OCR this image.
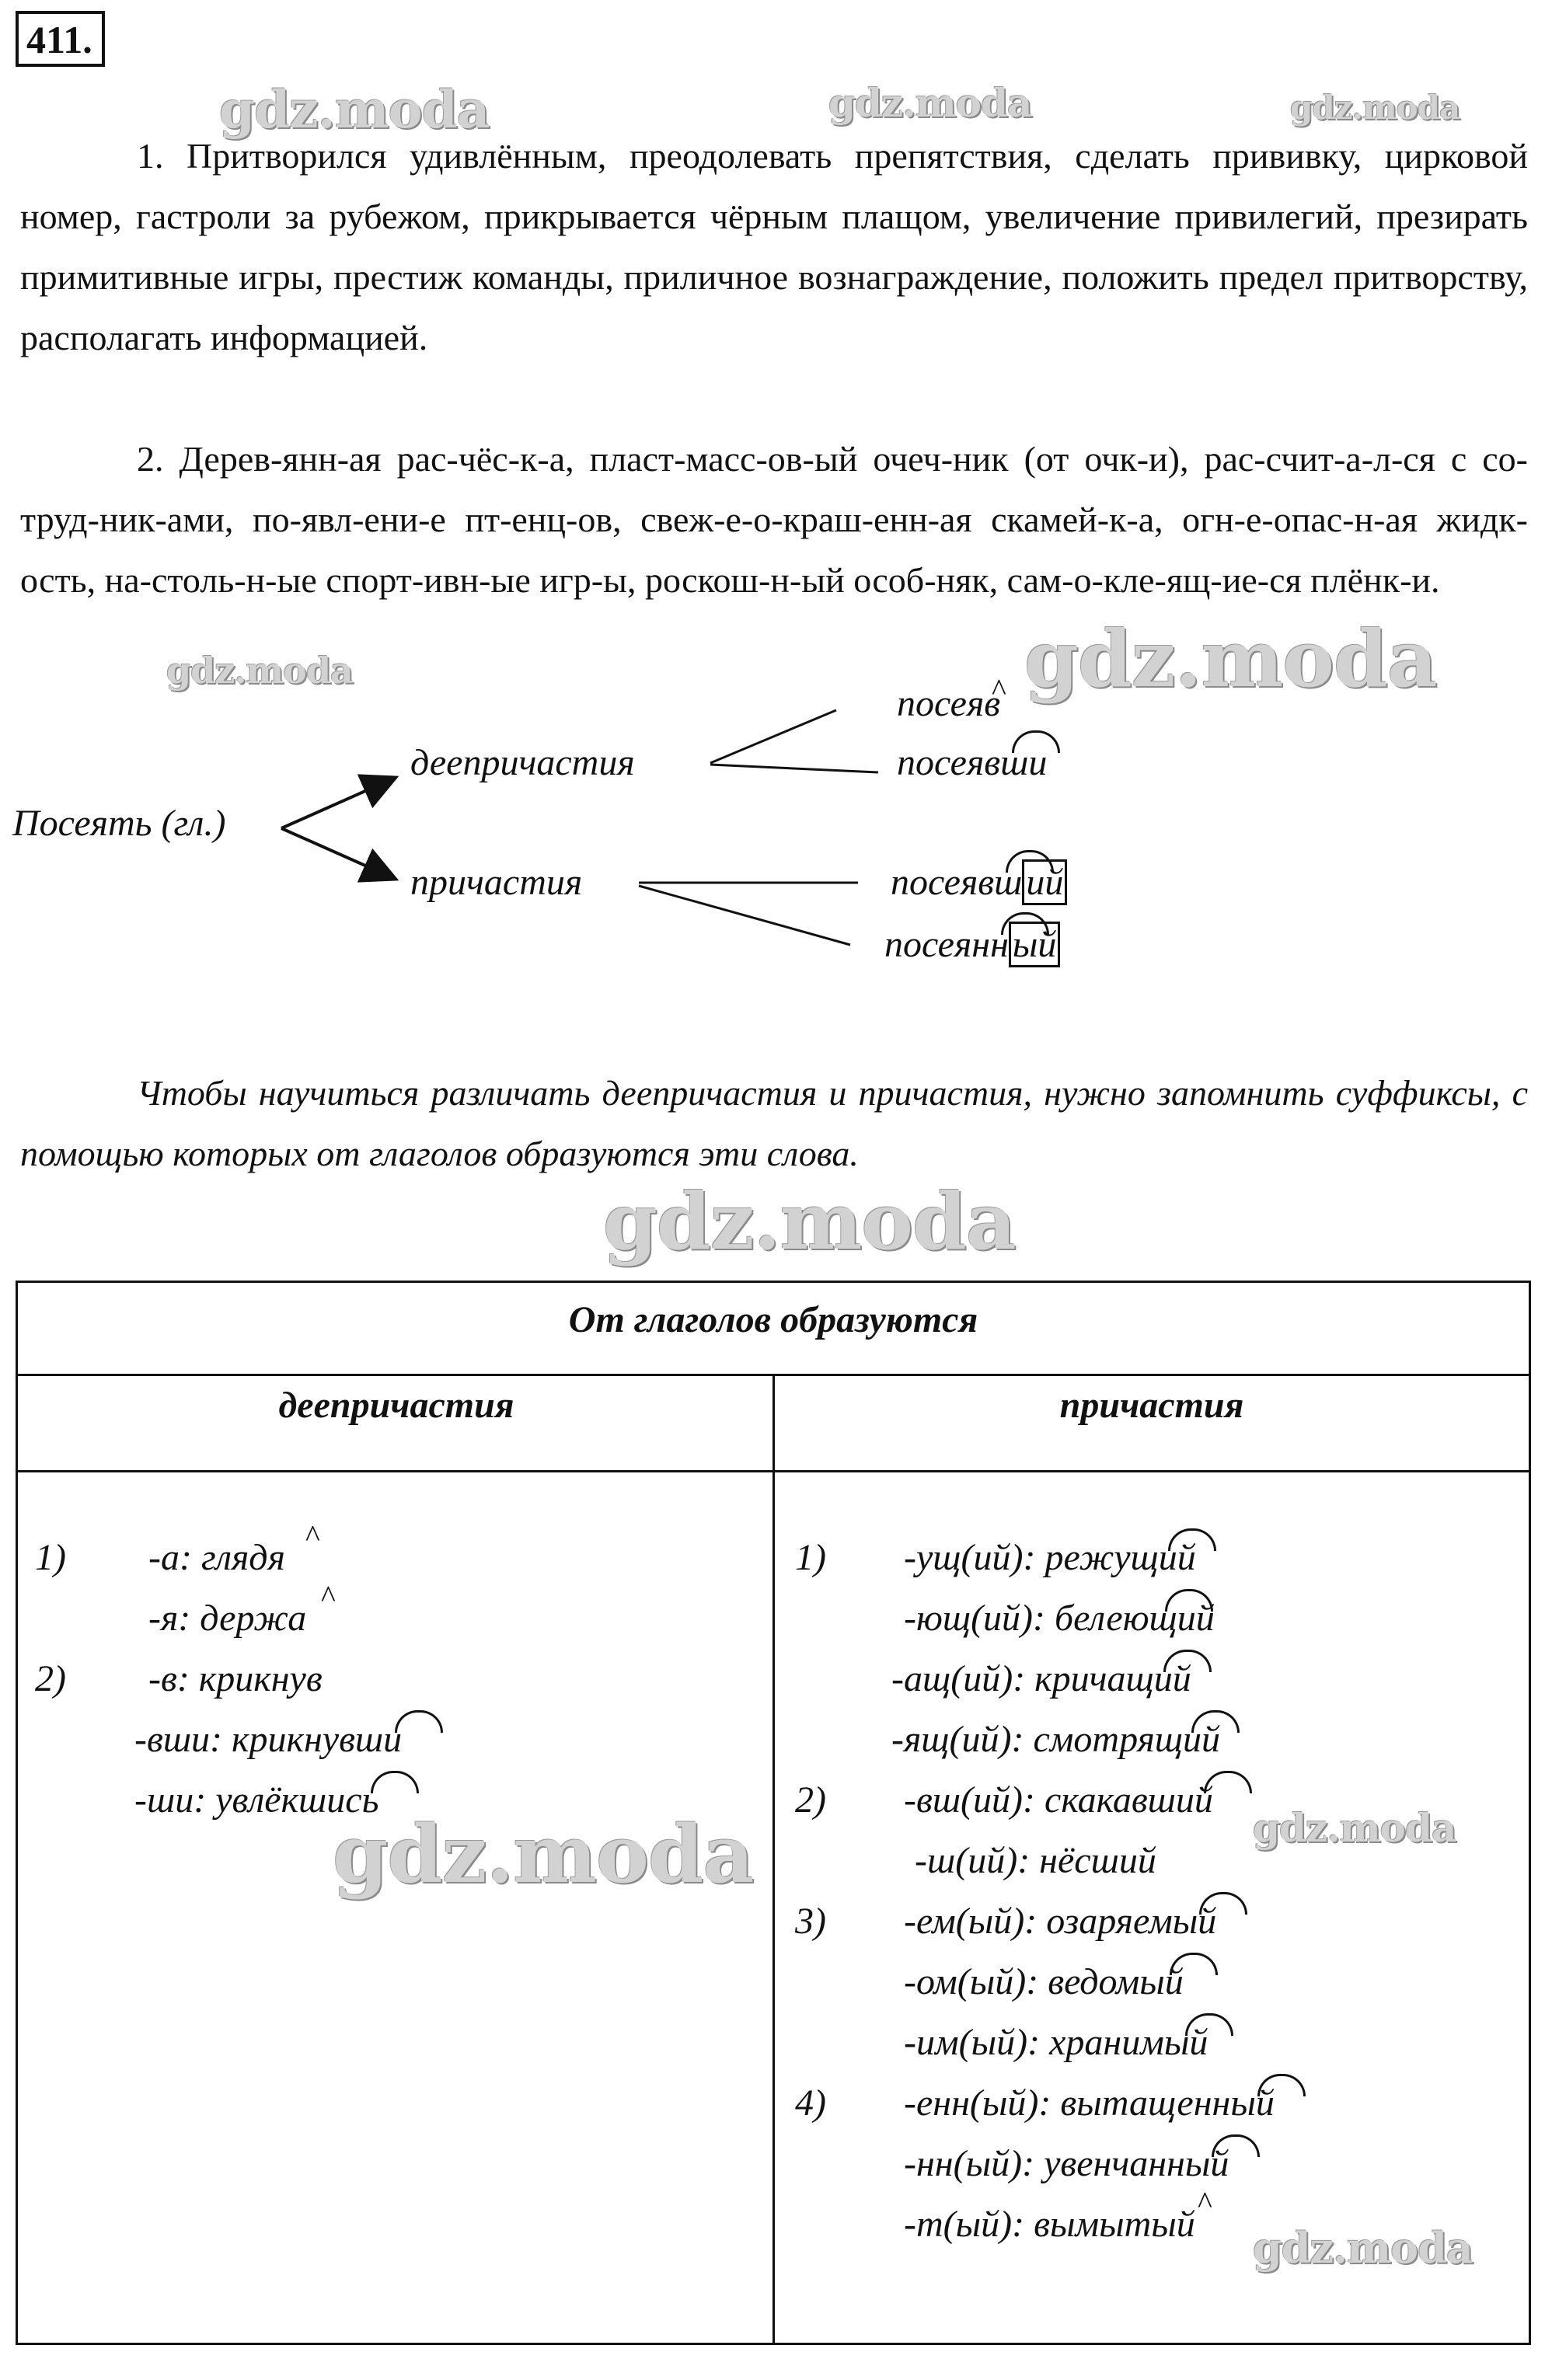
411.
gdz.moda	gdz.moda	gdz.moda
gdz.moda	gdz.moda
gdz.moda
gdz.moda	gdz.moda
gdz.moda

1. Притворился удивлённым, преодолевать препятствия, сделать прививку, цирковой номер, гастроли за рубежом, прикрывается чёрным плащом, увеличение привилегий, презирать примитивные игры, престиж команды, приличное вознаграждение, положить предел притворству, располагать информацией.

2. Дерев-янн-ая рас-чёс-к-а, пласт-масс-ов-ый очеч-ник (от очк-и), рас-счит-а-л-ся с со-труд-ник-ами, по-явл-ени-е пт-енц-ов, свеж-е-о-краш-енн-ая скамей-к-а, огн-е-опас-н-ая жидк-ость, на-столь-н-ые спорт-ивн-ые игр-ы, роскош-н-ый особ-няк, сам-о-кле-ящ-ие-ся плёнк-и.

Посеять (гл.)
деепричастия
причастия
посеяв
посеявши
посеявш ий
посеянн ый
^

Чтобы научиться различать деепричастия и причастия, нужно запомнить суффиксы, с помощью которых от глаголов образуются эти слова.

От глаголов образуются
деепричастия	причастия
1) -а: глядя
-я: держа
2) -в: крикнув
-вши: крикнувши
-ши: увлёкшись
1) -ущ(ий): режущий
-ющ(ий): белеющий
-ащ(ий): кричащий
-ящ(ий): смотрящий
2) -вш(ий): скакавший
-ш(ий): нёсший
3) -ем(ый): озаряемый
-ом(ый): ведомый
-им(ый): хранимый
4) -енн(ый): вытащенный
-нн(ый): увенчанный
-т(ый): вымытый
^
^
^
